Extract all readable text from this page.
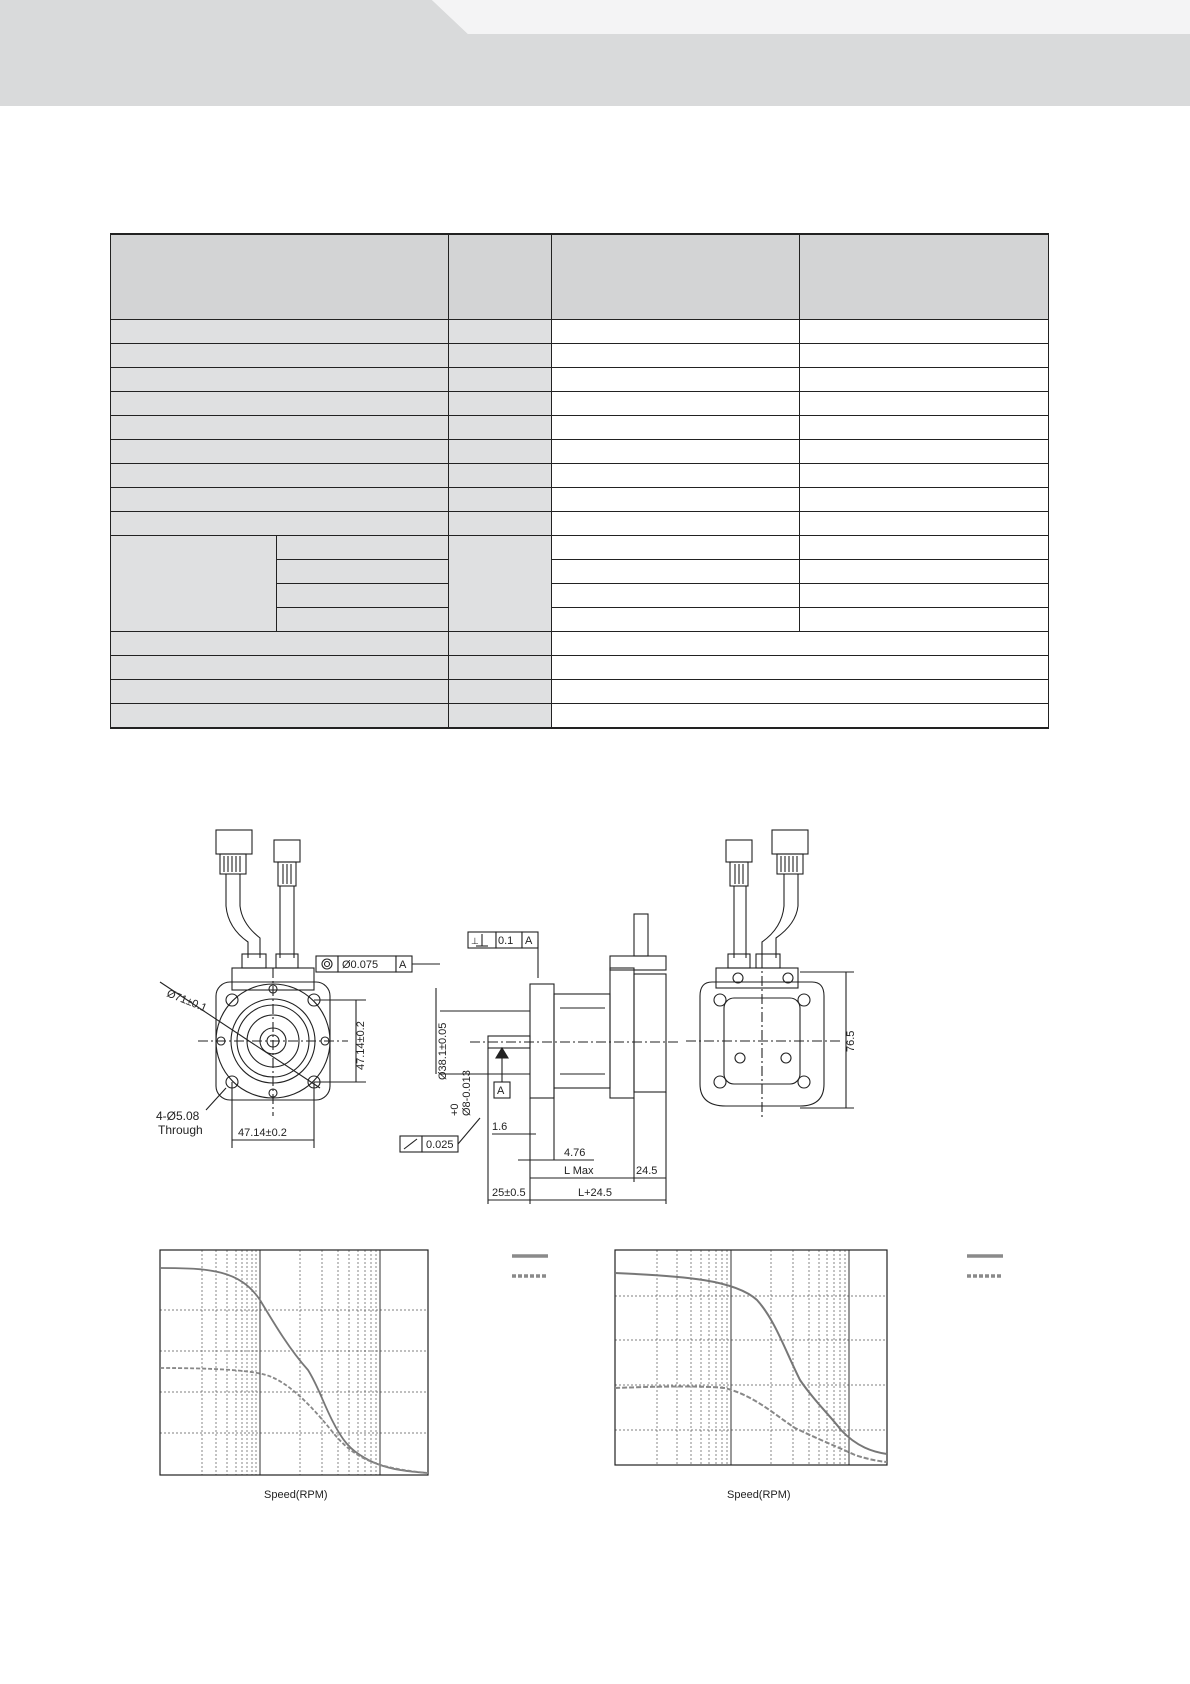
Ø71±0.1
47.14±0.2
47.14±0.2
4-Ø5.08
Through
⊥ 0.1 A
Ø0.075 A
Ø38.1±0.05
+0 Ø8-0.013 A
0.025
1.6
4.76
L Max	24.5
25±0.5	L+24.5
76.5
Speed(RPM)	Speed(RPM)
